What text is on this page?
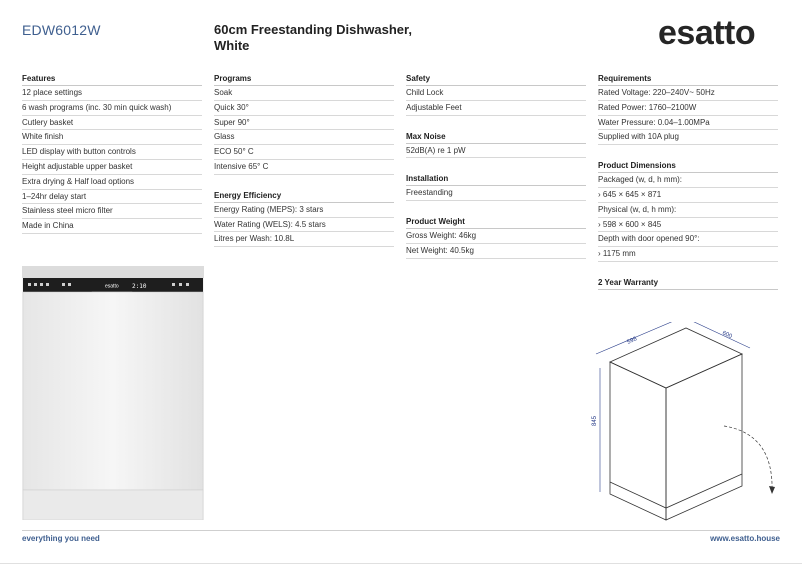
EDW6012W	60cm Freestanding Dishwasher,
White	esatto
Features
12 place settings
6 wash programs (inc. 30 min quick wash)
Cutlery basket
White finish
LED display with button controls
Height adjustable upper basket
Extra drying & Half load options
1–24hr delay start
Stainless steel micro filter
Made in China
Programs
Soak
Quick 30°
Super 90°
Glass
ECO 50° C
Intensive 65° C
Energy Efficiency
Energy Rating (MEPS): 3 stars
Water Rating (WELS): 4.5 stars
Litres per Wash: 10.8L
Safety
Child Lock
Adjustable Feet
Max Noise
52dB(A) re 1 pW
Installation
Freestanding
Product Weight
Gross Weight: 46kg
Net Weight: 40.5kg
Requirements
Rated Voltage: 220–240V~ 50Hz
Rated Power: 1760–2100W
Water Pressure: 0.04–1.00MPa
Supplied with 10A plug
Product Dimensions
Packaged (w, d, h mm):
› 645 × 645 × 871
Physical (w, d, h mm):
› 598 × 600 × 845
Depth with door opened 90°:
› 1175 mm
2 Year Warranty
esatto 2:10
598
600
845
everything you need	www.esatto.house
